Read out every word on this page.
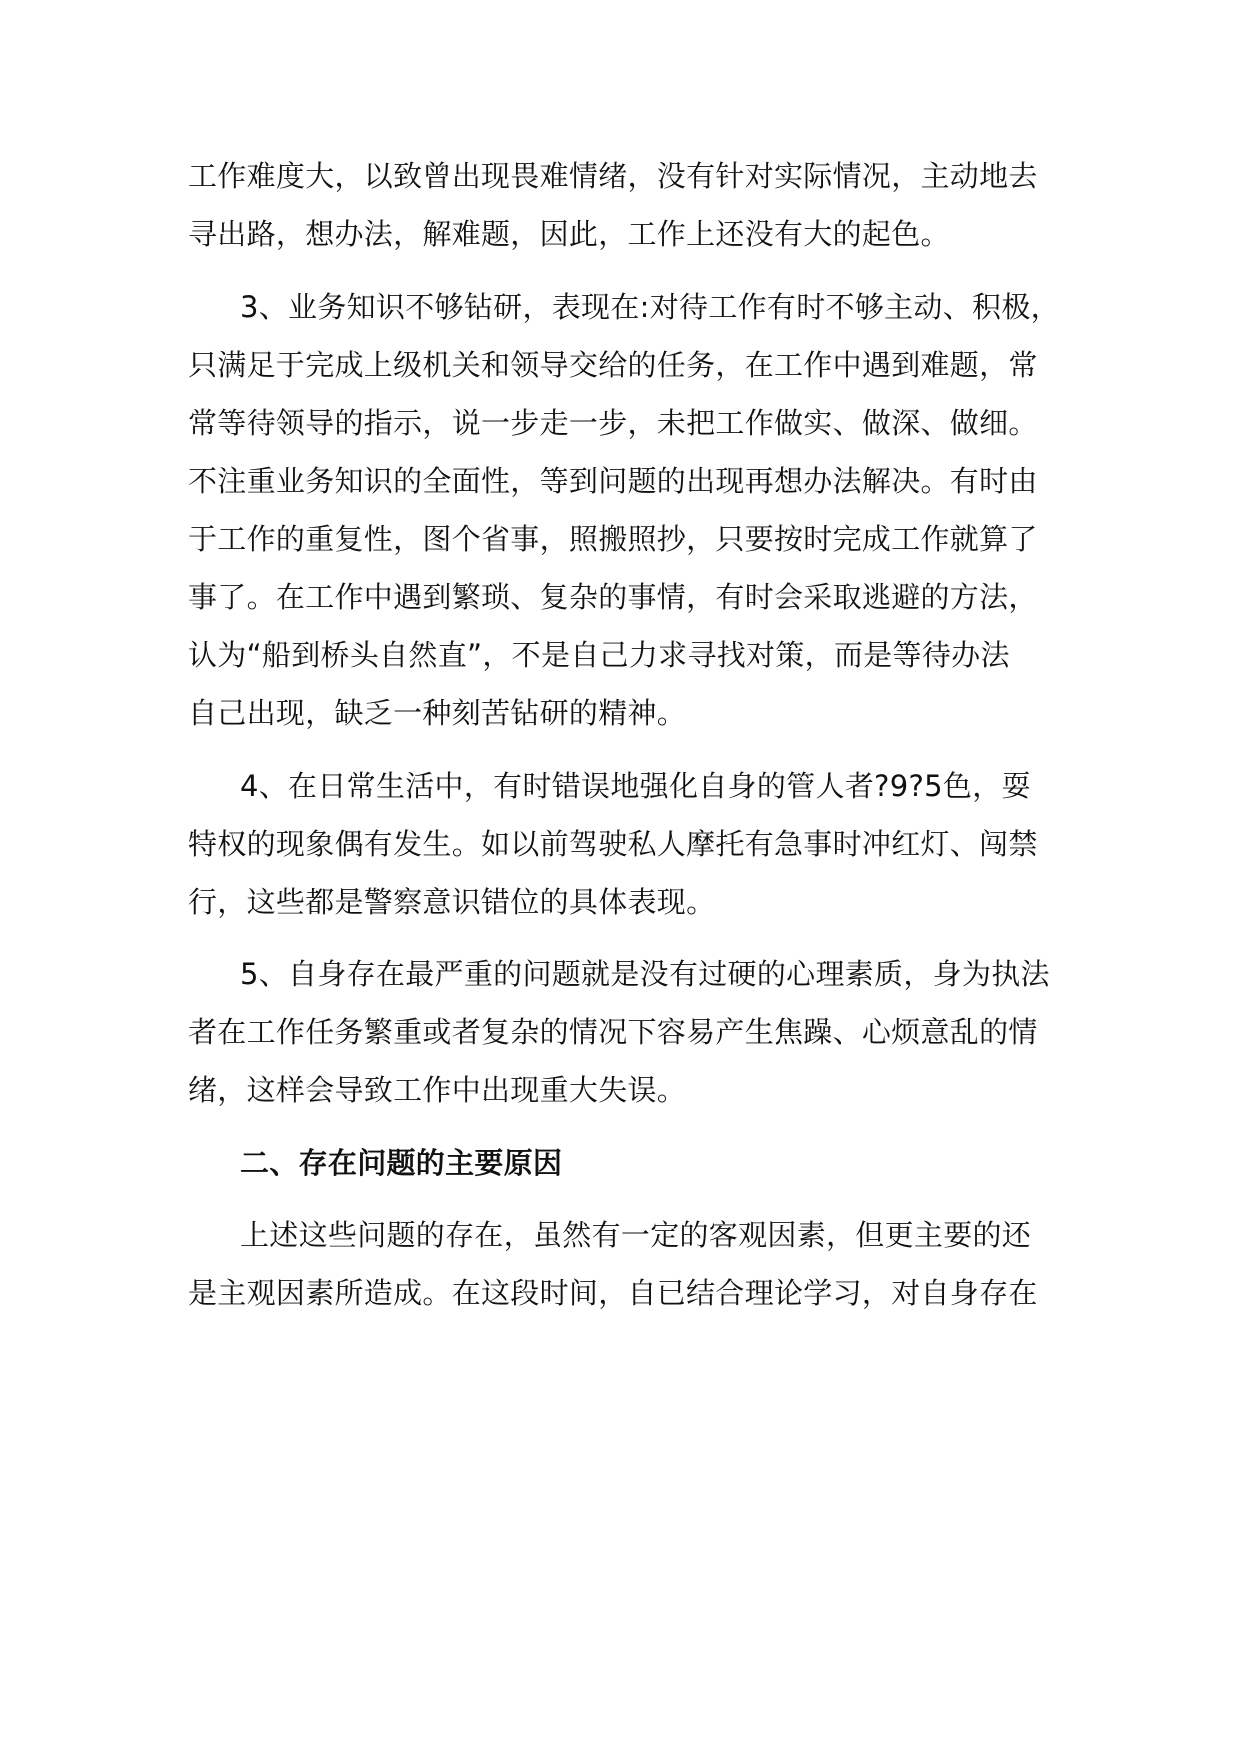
工作难度大，以致曾出现畏难情绪，没有针对实际情况，主动地去
寻出路，想办法，解难题，因此，工作上还没有大的起色。
3、业务知识不够钻研，表现在:对待工作有时不够主动、积极，
只满足于完成上级机关和领导交给的任务，在工作中遇到难题，常
常等待领导的指示，说一步走一步，未把工作做实、做深、做细。
不注重业务知识的全面性，等到问题的出现再想办法解决。有时由
于工作的重复性，图个省事，照搬照抄，只要按时完成工作就算了
事了。在工作中遇到繁琐、复杂的事情，有时会采取逃避的方法，
认为“船到桥头自然直”，不是自己力求寻找对策，而是等待办法
自己出现，缺乏一种刻苦钻研的精神。
4、在日常生活中，有时错误地强化自身的管人者?9?5色，耍
特权的现象偶有发生。如以前驾驶私人摩托有急事时冲红灯、闯禁
行，这些都是警察意识错位的具体表现。
5、自身存在最严重的问题就是没有过硬的心理素质，身为执法
者在工作任务繁重或者复杂的情况下容易产生焦躁、心烦意乱的情
绪，这样会导致工作中出现重大失误。
二、存在问题的主要原因
上述这些问题的存在，虽然有一定的客观因素，但更主要的还
是主观因素所造成。在这段时间，自已结合理论学习，对自身存在
